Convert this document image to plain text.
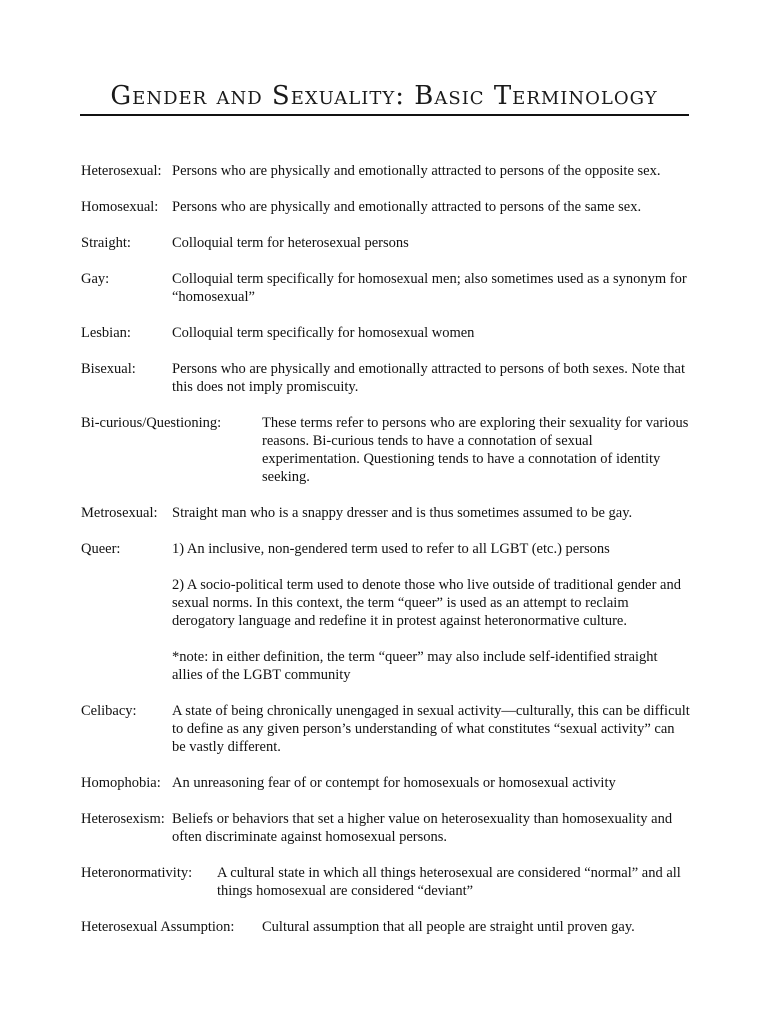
Gender and Sexuality: Basic Terminology
Heterosexual: Persons who are physically and emotionally attracted to persons of the opposite sex.

Homosexual: Persons who are physically and emotionally attracted to persons of the same sex.

Straight:	Colloquial term for heterosexual persons

Gay:	Colloquial term specifically for homosexual men; also sometimes used as a synonym for “homosexual”

Lesbian:	Colloquial term specifically for homosexual women

Bisexual:	Persons who are physically and emotionally attracted to persons of both sexes. Note that this does not imply promiscuity.

Bi-curious/Questioning:	These terms refer to persons who are exploring their sexuality for various reasons. Bi-curious tends to have a connotation of sexual experimentation. Questioning tends to have a connotation of identity seeking.

Metrosexual: Straight man who is a snappy dresser and is thus sometimes assumed to be gay.

Queer:	1) An inclusive, non-gendered term used to refer to all LGBT (etc.) persons

2) A socio-political term used to denote those who live outside of traditional gender and sexual norms. In this context, the term “queer” is used as an attempt to reclaim derogatory language and redefine it in protest against heteronormative culture.

*note: in either definition, the term “queer” may also include self-identified straight allies of the LGBT community

Celibacy:	A state of being chronically unengaged in sexual activity—culturally, this can be difficult to define as any given person’s understanding of what constitutes “sexual activity” can be vastly different.

Homophobia: An unreasoning fear of or contempt for homosexuals or homosexual activity

Heterosexism: Beliefs or behaviors that set a higher value on heterosexuality than homosexuality and often discriminate against homosexual persons.

Heteronormativity:	A cultural state in which all things heterosexual are considered “normal” and all things homosexual are considered “deviant”

Heterosexual Assumption:	Cultural assumption that all people are straight until proven gay.
